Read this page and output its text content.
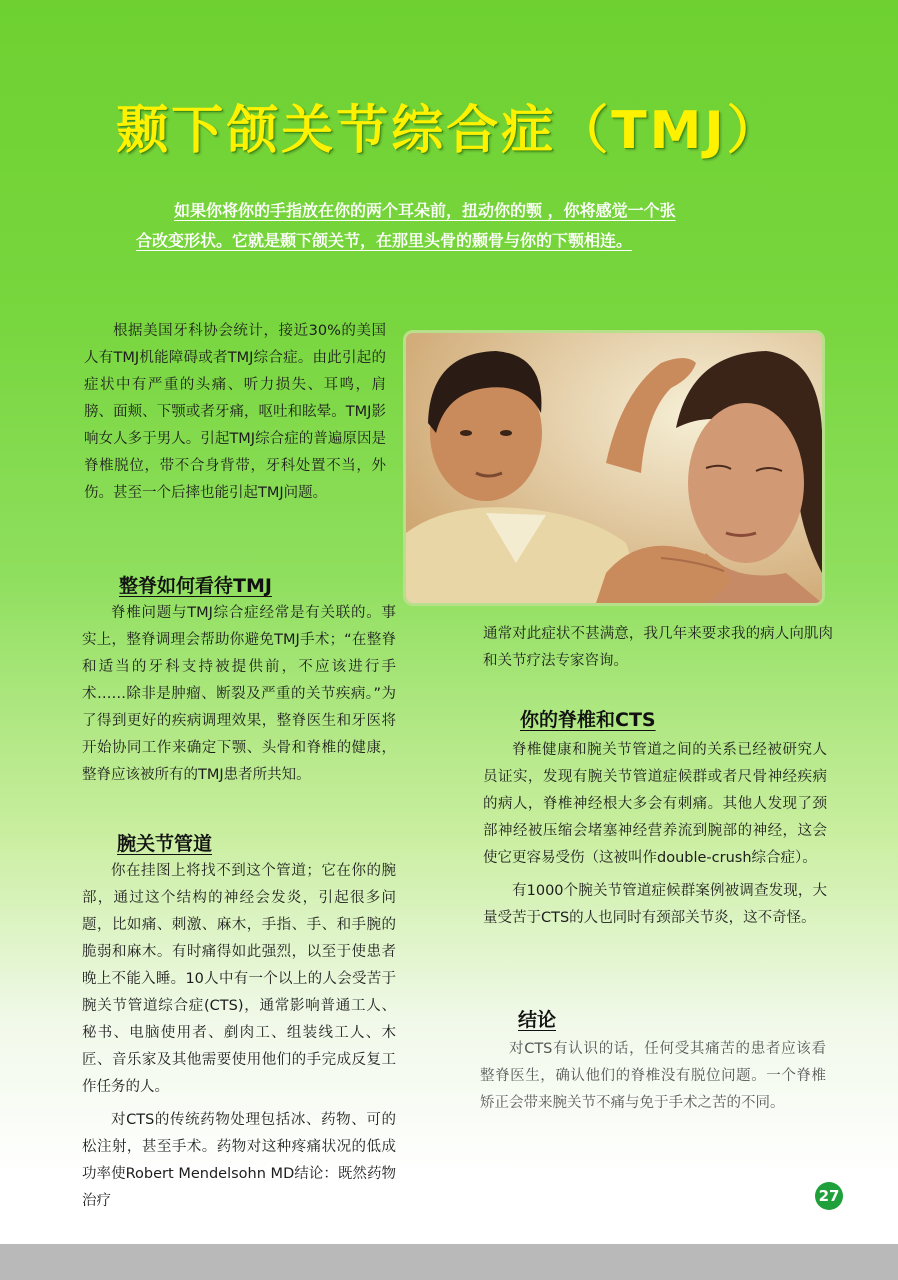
颞下颌关节综合症（TMJ）
如果你将你的手指放在你的两个耳朵前，扭动你的颚 ，你将感觉一个张
合改变形状。它就是颞下颌关节，在那里头骨的颞骨与你的下颚相连。

根据美国牙科协会统计，接近30%的美国人有TMJ机能障碍或者TMJ综合症。由此引起的症状中有严重的头痛、听力损失、耳鸣，肩膀、面颊、下颚或者牙痛，呕吐和眩晕。TMJ影响女人多于男人。引起TMJ综合症的普遍原因是脊椎脱位，带不合身背带，牙科处置不当，外伤。甚至一个后摔也能引起TMJ问题。

整脊如何看待TMJ

脊椎问题与TMJ综合症经常是有关联的。事实上，整脊调理会帮助你避免TMJ手术；“在整脊和适当的牙科支持被提供前，不应该进行手术……除非是肿瘤、断裂及严重的关节疾病。”为了得到更好的疾病调理效果，整脊医生和牙医将开始协同工作来确定下颚、头骨和脊椎的健康，整脊应该被所有的TMJ患者所共知。

腕关节管道

你在挂图上将找不到这个管道；它在你的腕部，通过这个结构的神经会发炎，引起很多问题，比如痛、刺激、麻木，手指、手、和手腕的脆弱和麻木。有时痛得如此强烈，以至于使患者晚上不能入睡。10人中有一个以上的人会受苦于腕关节管道综合症(CTS)，通常影响普通工人、秘书、电脑使用者、剷肉工、组装线工人、木匠、音乐家及其他需要使用他们的手完成反复工作任务的人。

对CTS的传统药物处理包括冰、药物、可的松注射，甚至手术。药物对这种疼痛状况的低成功率使Robert Mendelsohn MD结论：既然药物治疗

通常对此症状不甚满意，我几年来要求我的病人向肌肉和关节疗法专家咨询。

你的脊椎和CTS

脊椎健康和腕关节管道之间的关系已经被研究人员证实，发现有腕关节管道症候群或者尺骨神经疾病的病人，脊椎神经根大多会有刺痛。其他人发现了颈部神经被压缩会堵塞神经营养流到腕部的神经，这会使它更容易受伤（这被叫作double-crush综合症）。

有1000个腕关节管道症候群案例被调查发现，大量受苦于CTS的人也同时有颈部关节炎，这不奇怪。

结论

对CTS有认识的话，任何受其痛苦的患者应该看整脊医生，确认他们的脊椎没有脱位问题。一个脊椎矫正会带来腕关节不痛与免于手术之苦的不同。

27
